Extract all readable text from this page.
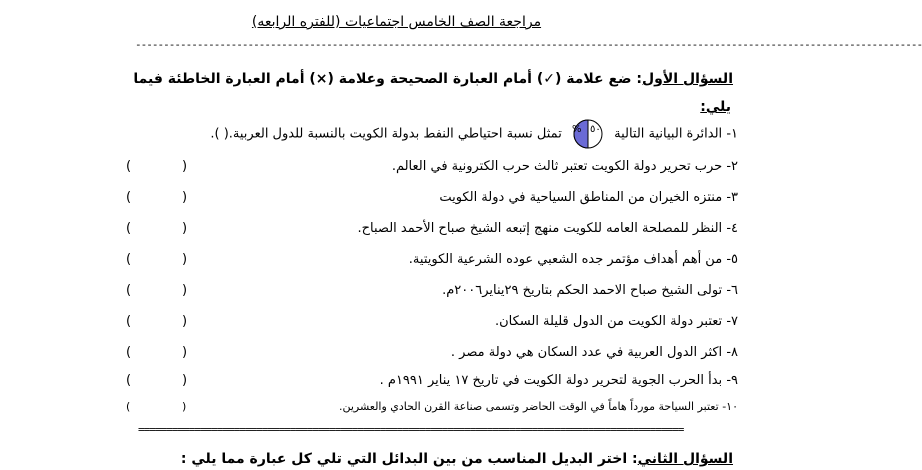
مراجعة الصف الخامس اجتماعيات (للفتره الرابعه)
--------------------------------------------------------------------------------------------------------------------------------------------
السؤال الأول: ضع علامة (✓) أمام العبارة الصحيحة وعلامة (×) أمام العبارة الخاطئة فيما
يلي:
١- الدائرة البيانية التالية
% ٥٠
تمثل نسبة احتياطي النفط بدولة الكويت بالنسبة للدول العربية.( ).
٢- حرب تحرير دولة الكويت تعتبر ثالث حرب الكترونية في العالم.
(	)
٣- منتزه الخيران من المناطق السياحية في دولة الكويت
(	)
٤- النظر للمصلحة العامه للكويت منهج إتبعه الشيخ صباح الأحمد الصباح.
(	)
٥- من أهم أهداف مؤتمر جده الشعبي عوده الشرعية الكويتية.
(	)
٦- تولى الشيخ صباح الاحمد الحكم بتاريخ ٢٩يناير٢٠٠٦م.
(	)
٧- تعتبر دولة الكويت من الدول قليلة السكان.
(	)
٨- اكثر الدول العربية في عدد السكان هي دولة مصر .
(	)
٩- بدأ الحرب الجوية لتحرير دولة الكويت في تاريخ ١٧ يناير ١٩٩١م .
(	)
١٠- تعتبر السياحة مورداً هاماً في الوقت الحاضر وتسمى صناعة القرن الحادي والعشرين.
(	)
=================================================================================================
السؤال الثاني: اختر البديل المناسب من بين البدائل التي تلي كل عبارة مما يلي :
